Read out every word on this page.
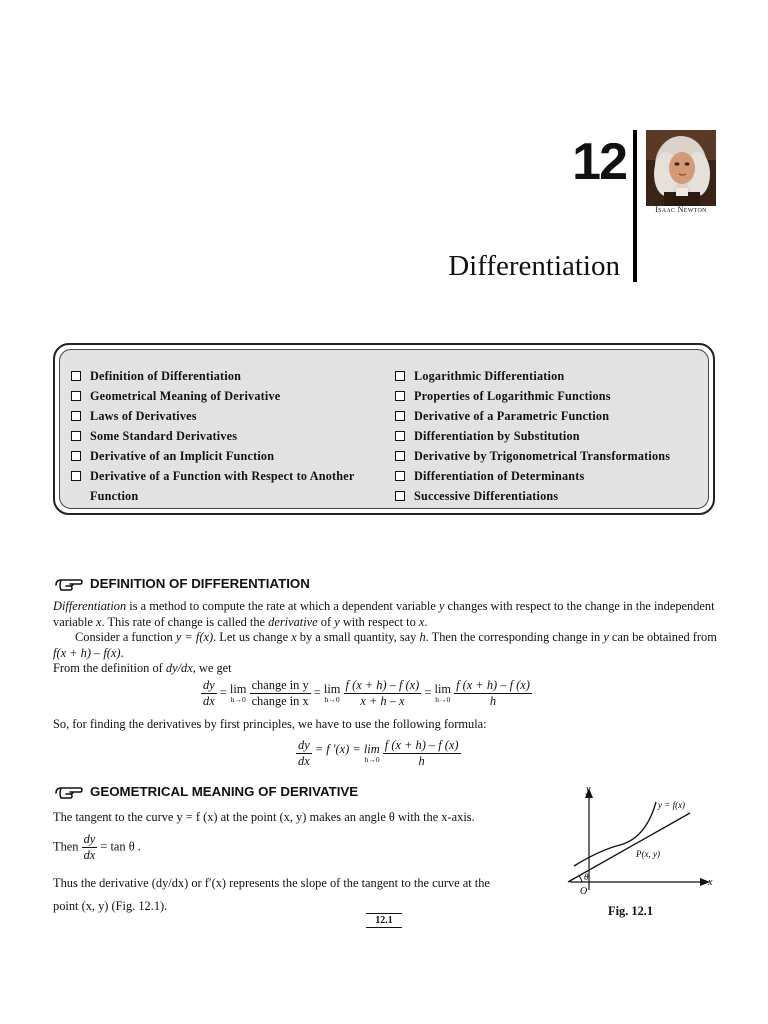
12
Isaac Newton
Differentiation
Definition of Differentiation
Geometrical Meaning of Derivative
Laws of Derivatives
Some Standard Derivatives
Derivative of an Implicit Function
Derivative of a Function with Respect to Another
Function
Logarithmic Differentiation
Properties of Logarithmic Functions
Derivative of a Parametric Function
Differentiation by Substitution
Derivative by Trigonometrical Transformations
Differentiation of Determinants
Successive Differentiations
DEFINITION OF DIFFERENTIATION
Differentiation is a method to compute the rate at which a dependent variable y changes with respect to the change in the independent variable x. This rate of change is called the derivative of y with respect to x.
Consider a function y = f(x). Let us change x by a small quantity, say h. Then the corresponding change in y can be obtained from f(x + h) – f(x).
From the definition of dy/dx, we get
$\frac{dy}{dx} = \lim$
h→0
$\frac{\text{change in y}}{\text{change in x}} = \lim$
h→0
$\frac{f (x + h) - f (x)}{x + h - x} = \lim$
h→0
$\frac{f (x + h) - f (x)}{h}$
So, for finding the derivatives by first principles, we have to use the following formula:
$\frac{dy}{dx} = f$ ′(x) = lim
h→0
$\frac{f (x + h) - f (x)}{h}$
GEOMETRICAL MEANING OF DERIVATIVE
The tangent to the curve y = f (x) at the point (x, y) makes an angle θ with the x-axis.
Then $\frac{dy}{dx} = \tan \theta$ .
Thus the derivative (dy/dx) or f′(x) represents the slope of the tangent to the curve at the
point (x, y) (Fig. 12.1).
y
x
O
θ
y = f(x)
P(x, y)
Fig. 12.1
12.1
